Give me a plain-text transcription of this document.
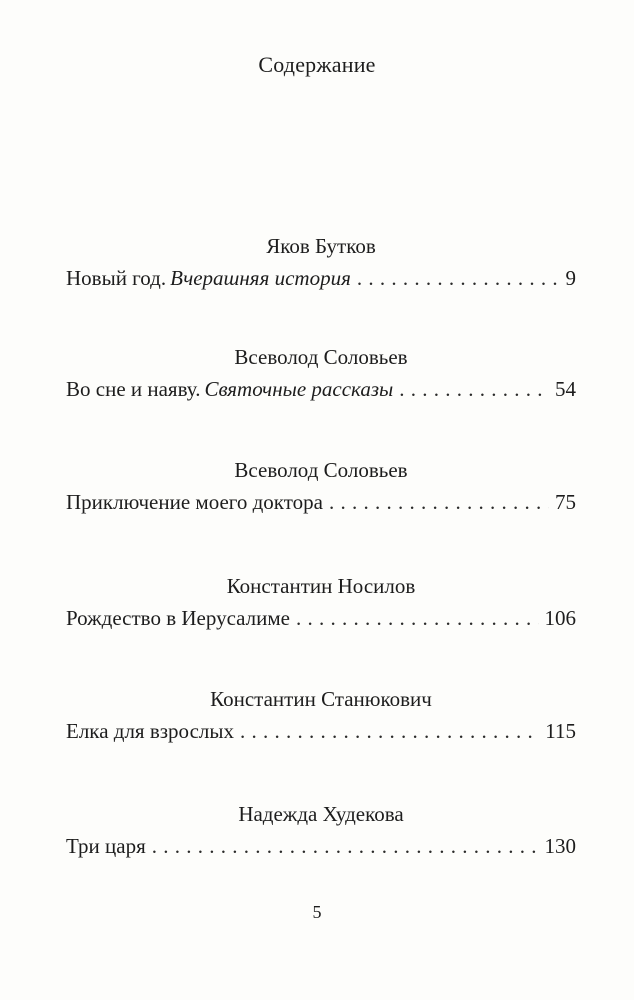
Содержание
Яков Бутков
Новый год. Вчерашняя история . . .	9
Всеволод Соловьев
Во сне и наяву. Святочные рассказы . . .	54
Всеволод Соловьев
Приключение моего доктора . . .	75
Константин Носилов
Рождество в Иерусалиме . . .	106
Константин Станюкович
Елка для взрослых . . .	115
Надежда Худекова
Три царя . . .	130
5
